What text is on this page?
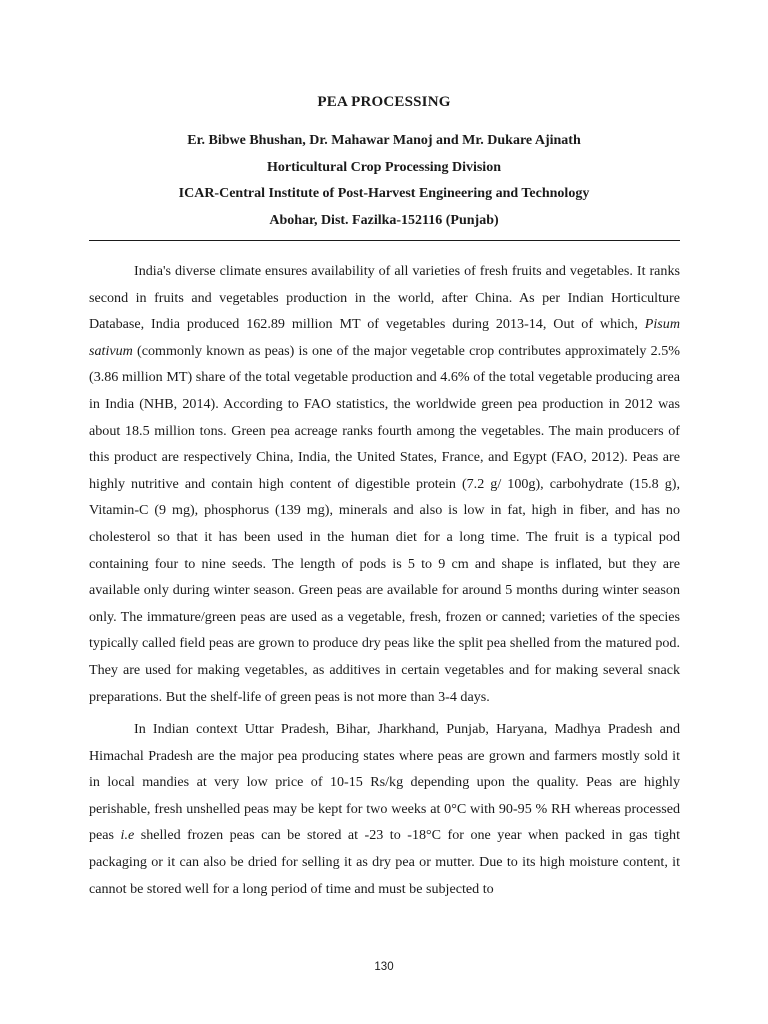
PEA PROCESSING
Er. Bibwe Bhushan, Dr. Mahawar Manoj and Mr. Dukare Ajinath
Horticultural Crop Processing Division
ICAR-Central Institute of Post-Harvest Engineering and Technology
Abohar, Dist. Fazilka-152116 (Punjab)

India's diverse climate ensures availability of all varieties of fresh fruits and vegetables. It ranks second in fruits and vegetables production in the world, after China. As per Indian Horticulture Database, India produced 162.89 million MT of vegetables during 2013-14, Out of which, Pisum sativum (commonly known as peas) is one of the major vegetable crop contributes approximately 2.5% (3.86 million MT) share of the total vegetable production and 4.6% of the total vegetable producing area in India (NHB, 2014). According to FAO statistics, the worldwide green pea production in 2012 was about 18.5 million tons. Green pea acreage ranks fourth among the vegetables. The main producers of this product are respectively China, India, the United States, France, and Egypt (FAO, 2012). Peas are highly nutritive and contain high content of digestible protein (7.2 g/ 100g), carbohydrate (15.8 g), Vitamin-C (9 mg), phosphorus (139 mg), minerals and also is low in fat, high in fiber, and has no cholesterol so that it has been used in the human diet for a long time. The fruit is a typical pod containing four to nine seeds. The length of pods is 5 to 9 cm and shape is inflated, but they are available only during winter season. Green peas are available for around 5 months during winter season only. The immature/green peas are used as a vegetable, fresh, frozen or canned; varieties of the species typically called field peas are grown to produce dry peas like the split pea shelled from the matured pod. They are used for making vegetables, as additives in certain vegetables and for making several snack preparations. But the shelf-life of green peas is not more than 3-4 days.

In Indian context Uttar Pradesh, Bihar, Jharkhand, Punjab, Haryana, Madhya Pradesh and Himachal Pradesh are the major pea producing states where peas are grown and farmers mostly sold it in local mandies at very low price of 10-15 Rs/kg depending upon the quality. Peas are highly perishable, fresh unshelled peas may be kept for two weeks at 0°C with 90-95 % RH whereas processed peas i.e shelled frozen peas can be stored at -23 to -18°C for one year when packed in gas tight packaging or it can also be dried for selling it as dry pea or mutter. Due to its high moisture content, it cannot be stored well for a long period of time and must be subjected to

130
